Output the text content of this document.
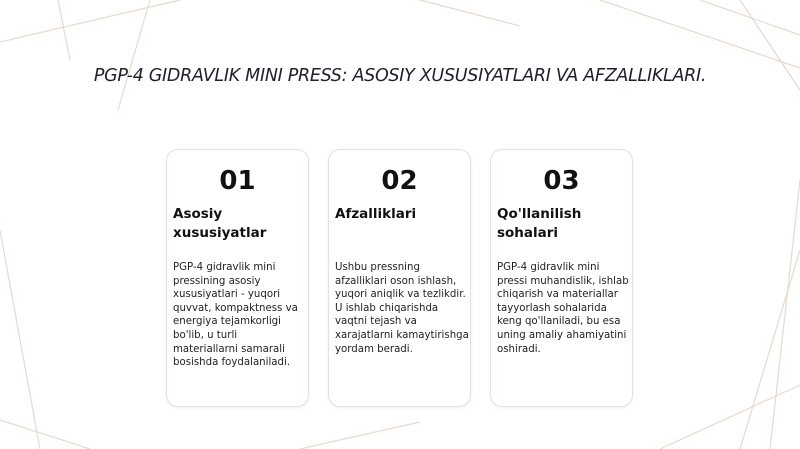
PGP-4 GIDRAVLIK MINI PRESS: ASOSIY XUSUSIYATLARI VA AFZALLIKLARI.
01
Asosiy xususiyatlar
PGP-4 gidravlik mini pressining asosiy xususiyatlari - yuqori quvvat, kompaktness va energiya tejamkorligi bo'lib, u turli materiallarni samarali bosishda foydalaniladi.
02
Afzalliklari
Ushbu pressning afzalliklari oson ishlash, yuqori aniqlik va tezlikdir. U ishlab chiqarishda vaqtni tejash va xarajatlarni kamaytirishga yordam beradi.
03
Qo'llanilish sohalari
PGP-4 gidravlik mini pressi muhandislik, ishlab chiqarish va materiallar tayyorlash sohalarida keng qo'llaniladi, bu esa uning amaliy ahamiyatini oshiradi.
